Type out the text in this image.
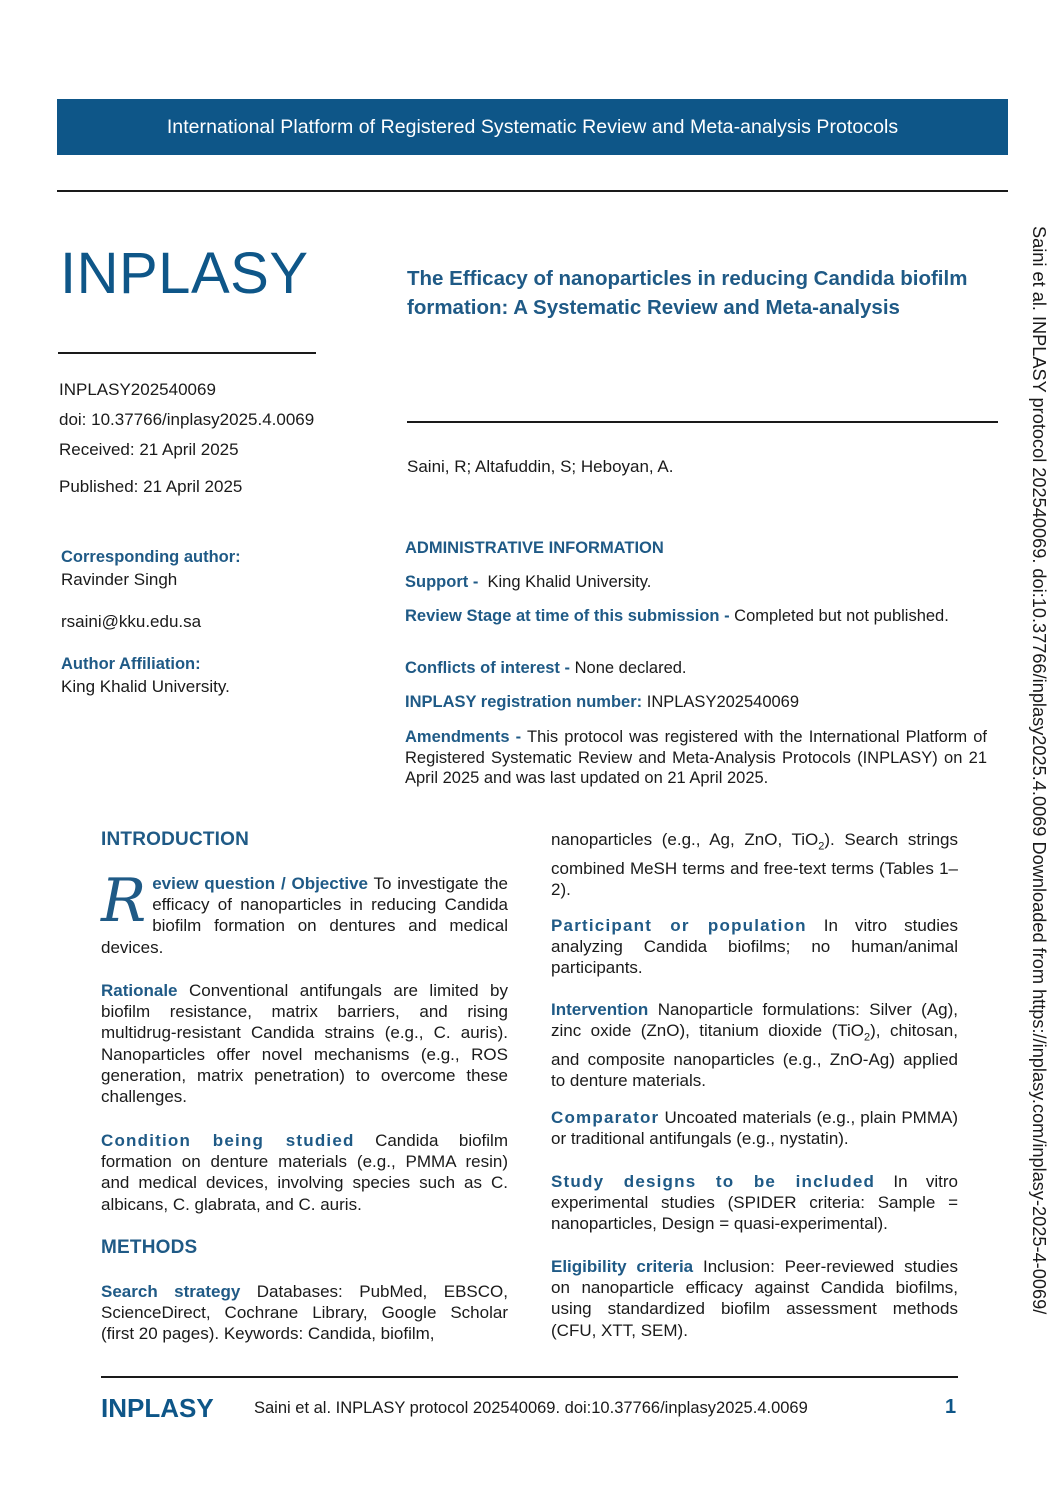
International Platform of Registered Systematic Review and Meta-analysis Protocols
INPLASY
INPLASY202540069
doi: 10.37766/inplasy2025.4.0069
Received: 21 April 2025
Published: 21 April 2025
The Efficacy of nanoparticles in reducing Candida biofilm formation: A Systematic Review and Meta-analysis
Saini, R; Altafuddin, S; Heboyan, A.
Corresponding author:
Ravinder Singh
rsaini@kku.edu.sa
Author Affiliation:
King Khalid University.
ADMINISTRATIVE INFORMATION
Support - King Khalid University.
Review Stage at time of this submission - Completed but not published.
Conflicts of interest - None declared.
INPLASY registration number: INPLASY202540069
Amendments - This protocol was registered with the International Platform of Registered Systematic Review and Meta-Analysis Protocols (INPLASY) on 21 April 2025 and was last updated on 21 April 2025.
INTRODUCTION
Review question / Objective To investigate the efficacy of nanoparticles in reducing Candida biofilm formation on dentures and medical devices.
Rationale Conventional antifungals are limited by biofilm resistance, matrix barriers, and rising multidrug-resistant Candida strains (e.g., C. auris). Nanoparticles offer novel mechanisms (e.g., ROS generation, matrix penetration) to overcome these challenges.
Condition being studied Candida biofilm formation on denture materials (e.g., PMMA resin) and medical devices, involving species such as C. albicans, C. glabrata, and C. auris.
METHODS
Search strategy Databases: PubMed, EBSCO, ScienceDirect, Cochrane Library, Google Scholar (first 20 pages). Keywords: Candida, biofilm,
nanoparticles (e.g., Ag, ZnO, TiO$_2$). Search strings combined MeSH terms and free-text terms (Tables 1–2).
Participant or population In vitro studies analyzing Candida biofilms; no human/animal participants.
Intervention Nanoparticle formulations: Silver (Ag), zinc oxide (ZnO), titanium dioxide (TiO$_2$), chitosan, and composite nanoparticles (e.g., ZnO-Ag) applied to denture materials.
Comparator Uncoated materials (e.g., plain PMMA) or traditional antifungals (e.g., nystatin).
Study designs to be included In vitro experimental studies (SPIDER criteria: Sample = nanoparticles, Design = quasi-experimental).
Eligibility criteria Inclusion: Peer-reviewed studies on nanoparticle efficacy against Candida biofilms, using standardized biofilm assessment methods (CFU, XTT, SEM).
INPLASY Saini et al. INPLASY protocol 202540069. doi:10.37766/inplasy2025.4.0069	1
Saini et al. INPLASY protocol 202540069. doi:10.37766/inplasy2025.4.0069 Downloaded from https://inplasy.com/inplasy-2025-4-0069/
